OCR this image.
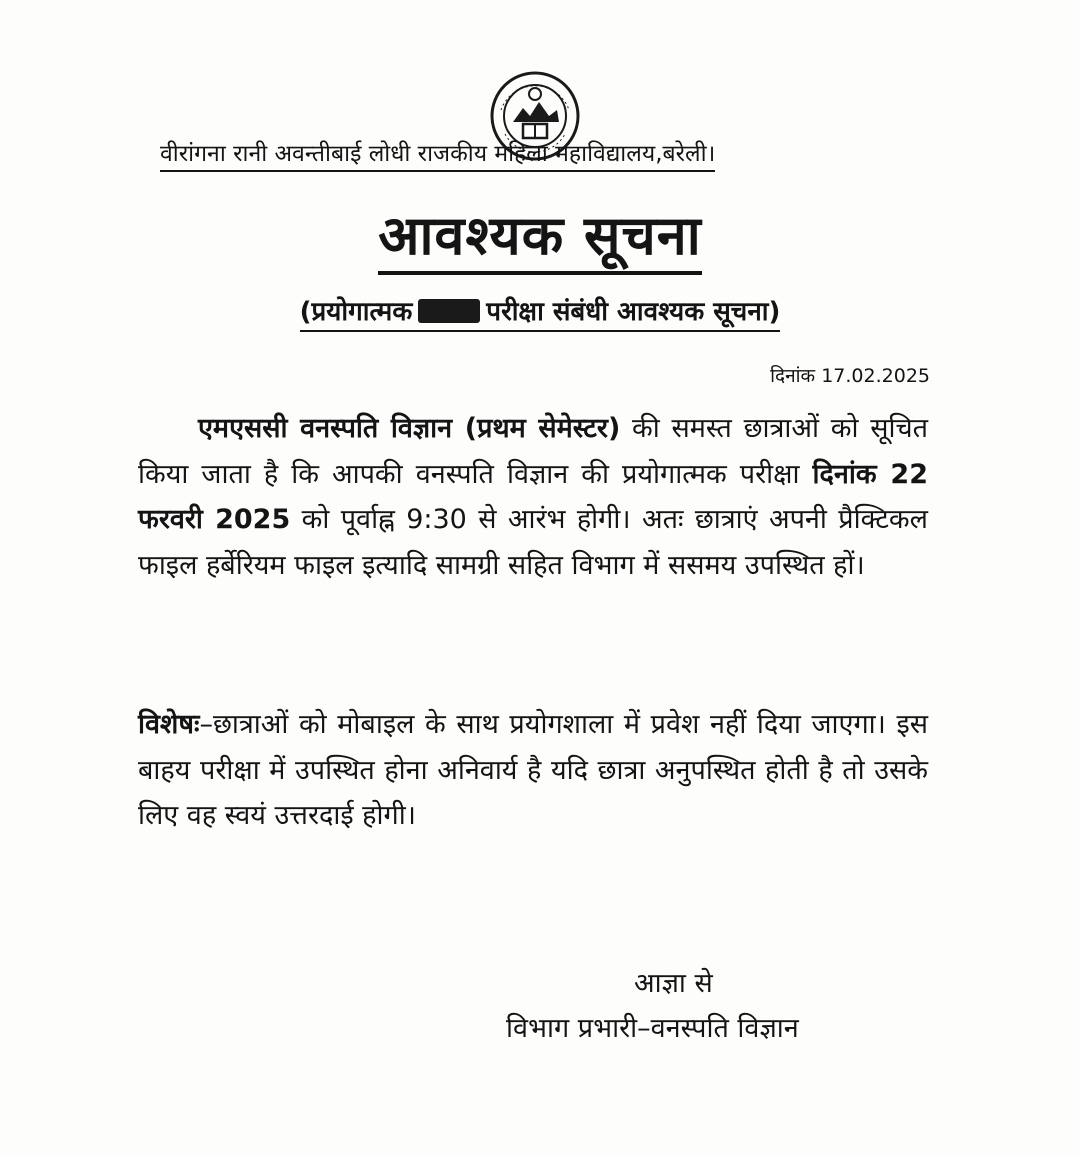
वीरांगना रानी अवन्तीबाई लोधी राजकीय महिला महाविद्यालय,बरेली।
आवश्यक सूचना
(प्रयोगात्मक	परीक्षा संबंधी आवश्यक सूचना)
दिनांक 17.02.2025
एमएससी वनस्पति विज्ञान (प्रथम सेमेस्टर) की समस्त छात्राओं को सूचित किया जाता है कि आपकी वनस्पति विज्ञान की प्रयोगात्मक परीक्षा दिनांक 22 फरवरी 2025 को पूर्वाह्न 9:30 से आरंभ होगी। अतः छात्राएं अपनी प्रैक्टिकल फाइल हर्बेरियम फाइल इत्यादि सामग्री सहित विभाग में ससमय उपस्थित हों।
विशेषः–छात्राओं को मोबाइल के साथ प्रयोगशाला में प्रवेश नहीं दिया जाएगा। इस बाहय परीक्षा में उपस्थित होना अनिवार्य है यदि छात्रा अनुपस्थित होती है तो उसके लिए वह स्वयं उत्तरदाई होगी।
आज्ञा से
विभाग प्रभारी–वनस्पति विज्ञान
